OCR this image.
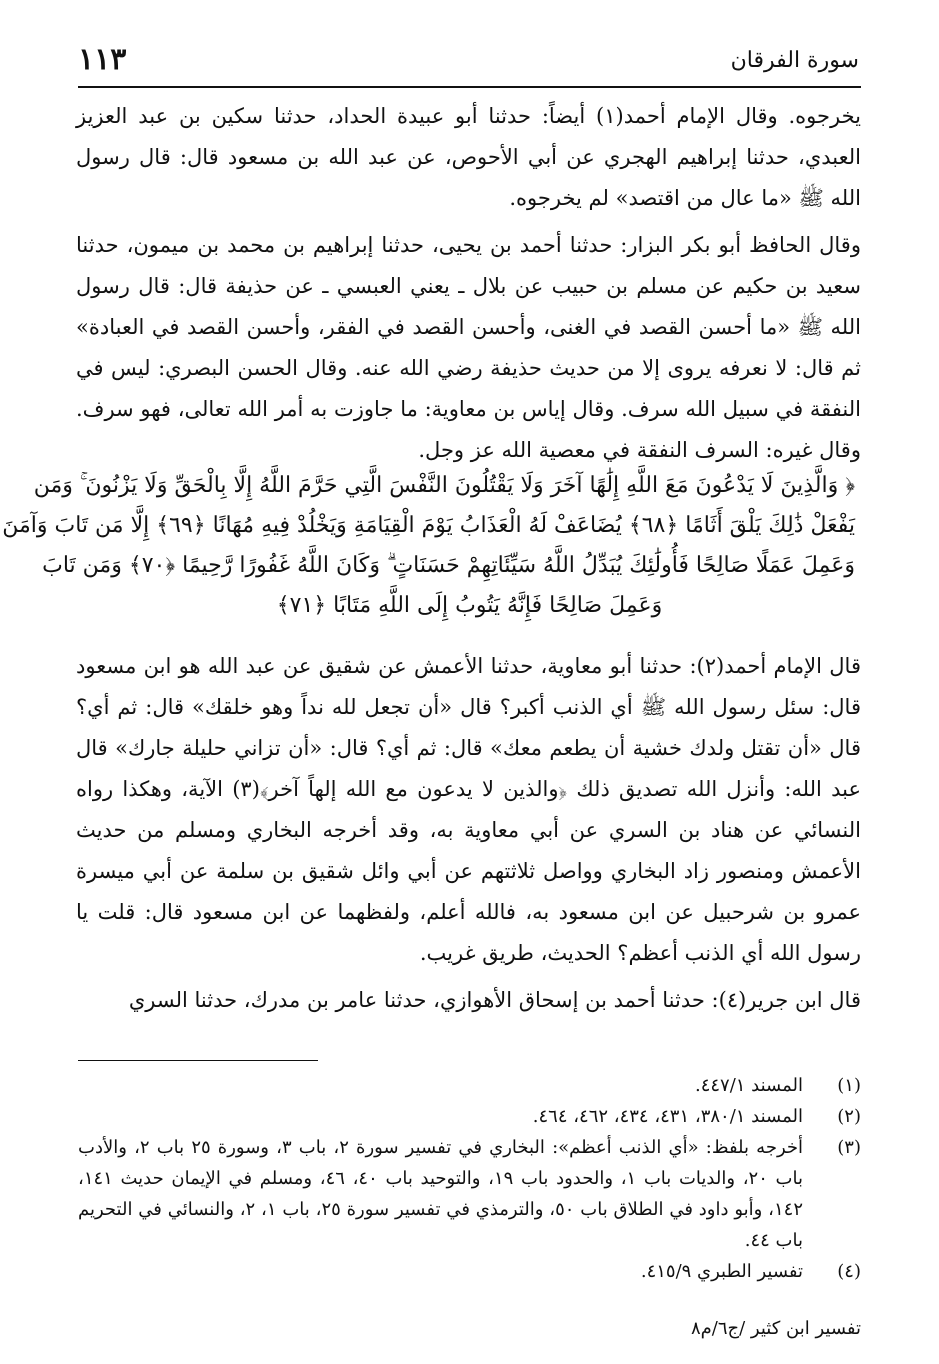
سورة الفرقان
١١٣

يخرجوه. وقال الإمام أحمد(١) أيضاً: حدثنا أبو عبيدة الحداد، حدثنا سكين بن عبد العزيز العبدي، حدثنا إبراهيم الهجري عن أبي الأحوص، عن عبد الله بن مسعود قال: قال رسول الله ﷺ «ما عال من اقتصد» لم يخرجوه.

وقال الحافظ أبو بكر البزار: حدثنا أحمد بن يحيى، حدثنا إبراهيم بن محمد بن ميمون، حدثنا سعيد بن حكيم عن مسلم بن حبيب عن بلال ـ يعني العبسي ـ عن حذيفة قال: قال رسول الله ﷺ «ما أحسن القصد في الغنى، وأحسن القصد في الفقر، وأحسن القصد في العبادة» ثم قال: لا نعرفه يروى إلا من حديث حذيفة رضي الله عنه. وقال الحسن البصري: ليس في النفقة في سبيل الله سرف. وقال إياس بن معاوية: ما جاوزت به أمر الله تعالى، فهو سرف. وقال غيره: السرف النفقة في معصية الله عز وجل.

﴿ وَالَّذِينَ لَا يَدْعُونَ مَعَ اللَّهِ إِلَٰهًا آخَرَ وَلَا يَقْتُلُونَ النَّفْسَ الَّتِي حَرَّمَ اللَّهُ إِلَّا بِالْحَقِّ وَلَا يَزْنُونَ ۚ وَمَن
يَفْعَلْ ذَٰلِكَ يَلْقَ أَثَامًا ﴿٦٨﴾ يُضَاعَفْ لَهُ الْعَذَابُ يَوْمَ الْقِيَامَةِ وَيَخْلُدْ فِيهِ مُهَانًا ﴿٦٩﴾ إِلَّا مَن تَابَ وَآمَنَ
وَعَمِلَ عَمَلًا صَالِحًا فَأُولَٰئِكَ يُبَدِّلُ اللَّهُ سَيِّئَاتِهِمْ حَسَنَاتٍ ۗ وَكَانَ اللَّهُ غَفُورًا رَّحِيمًا ﴿٧٠﴾ وَمَن تَابَ
وَعَمِلَ صَالِحًا فَإِنَّهُ يَتُوبُ إِلَى اللَّهِ مَتَابًا ﴿٧١﴾

قال الإمام أحمد(٢): حدثنا أبو معاوية، حدثنا الأعمش عن شقيق عن عبد الله هو ابن مسعود قال: سئل رسول الله ﷺ أي الذنب أكبر؟ قال «أن تجعل لله نداً وهو خلقك» قال: ثم أي؟ قال «أن تقتل ولدك خشية أن يطعم معك» قال: ثم أي؟ قال: «أن تزاني حليلة جارك» قال عبد الله: وأنزل الله تصديق ذلك ﴿والذين لا يدعون مع الله إلهاً آخر﴾(٣) الآية، وهكذا رواه النسائي عن هناد بن السري عن أبي معاوية به، وقد أخرجه البخاري ومسلم من حديث الأعمش ومنصور زاد البخاري وواصل ثلاثتهم عن أبي وائل شقيق بن سلمة عن أبي ميسرة عمرو بن شرحبيل عن ابن مسعود به، فالله أعلم، ولفظهما عن ابن مسعود قال: قلت يا رسول الله أي الذنب أعظم؟ الحديث، طريق غريب.

قال ابن جرير(٤): حدثنا أحمد بن إسحاق الأهوازي، حدثنا عامر بن مدرك، حدثنا السري

(١)
المسند ٤٤٧/١.
(٢)
المسند ٣٨٠/١، ٤٣١، ٤٣٤، ٤٦٢، ٤٦٤.
(٣)
أخرجه بلفظ: «أي الذنب أعظم»: البخاري في تفسير سورة ٢، باب ٣، وسورة ٢٥ باب ٢، والأدب باب ٢٠، والديات باب ١، والحدود باب ١٩، والتوحيد باب ٤٠، ٤٦، ومسلم في الإيمان حديث ١٤١، ١٤٢، وأبو داود في الطلاق باب ٥٠، والترمذي في تفسير سورة ٢٥، باب ١، ٢، والنسائي في التحريم باب ٤٤.
(٤)
تفسير الطبري ٤١٥/٩.
تفسير ابن كثير /ج٦/م٨
